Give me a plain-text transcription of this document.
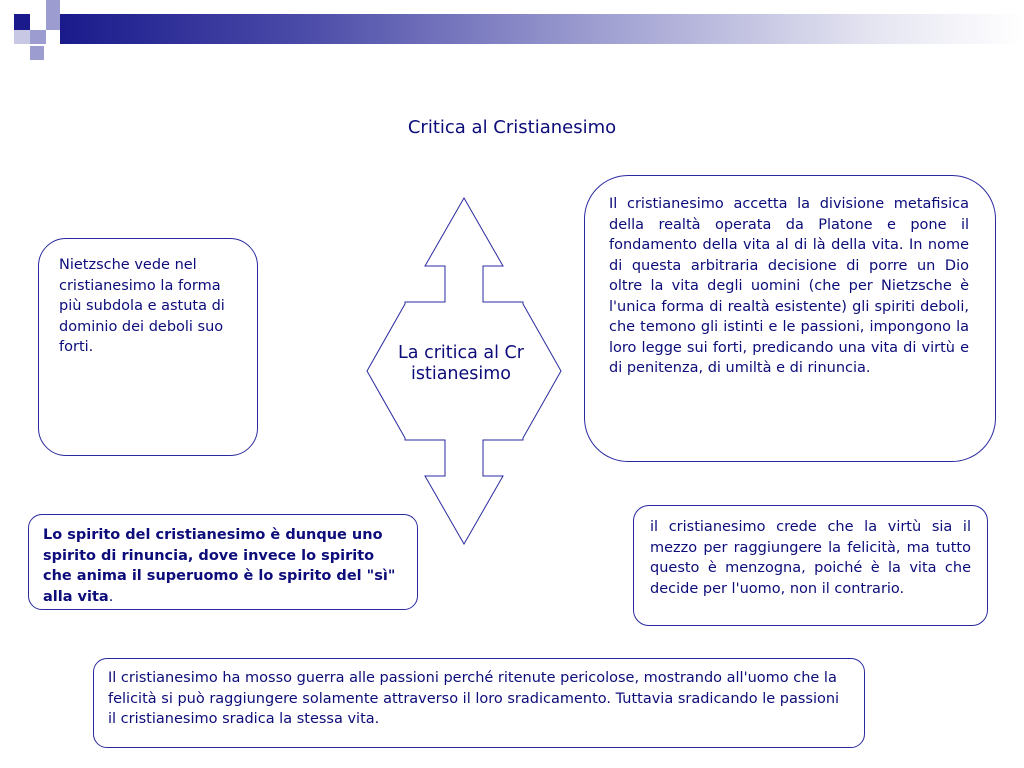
Critica al Cristianesimo
La critica al Cristianesimo
Nietzsche vede nel cristianesimo la forma più subdola e astuta di dominio dei deboli suo forti.
Il cristianesimo accetta la divisione metafisica della realtà operata da Platone e pone il fondamento della vita al di là della vita. In nome di questa arbitraria decisione di porre un Dio oltre la vita degli uomini (che per Nietzsche è l'unica forma di realtà esistente) gli spiriti deboli, che temono gli istinti e le passioni, impongono la loro legge sui forti, predicando una vita di virtù e di penitenza, di umiltà e di rinuncia.
Lo spirito del cristianesimo è dunque uno spirito di rinuncia, dove invece lo spirito che anima il superuomo è lo spirito del "sì" alla vita.
il cristianesimo crede che la virtù sia il mezzo per raggiungere la felicità, ma tutto questo è menzogna, poiché è la vita che decide per l'uomo, non il contrario.
Il cristianesimo ha mosso guerra alle passioni perché ritenute pericolose, mostrando all'uomo che la felicità si può raggiungere solamente attraverso il loro sradicamento. Tuttavia sradicando le passioni il cristianesimo sradica la stessa vita.
